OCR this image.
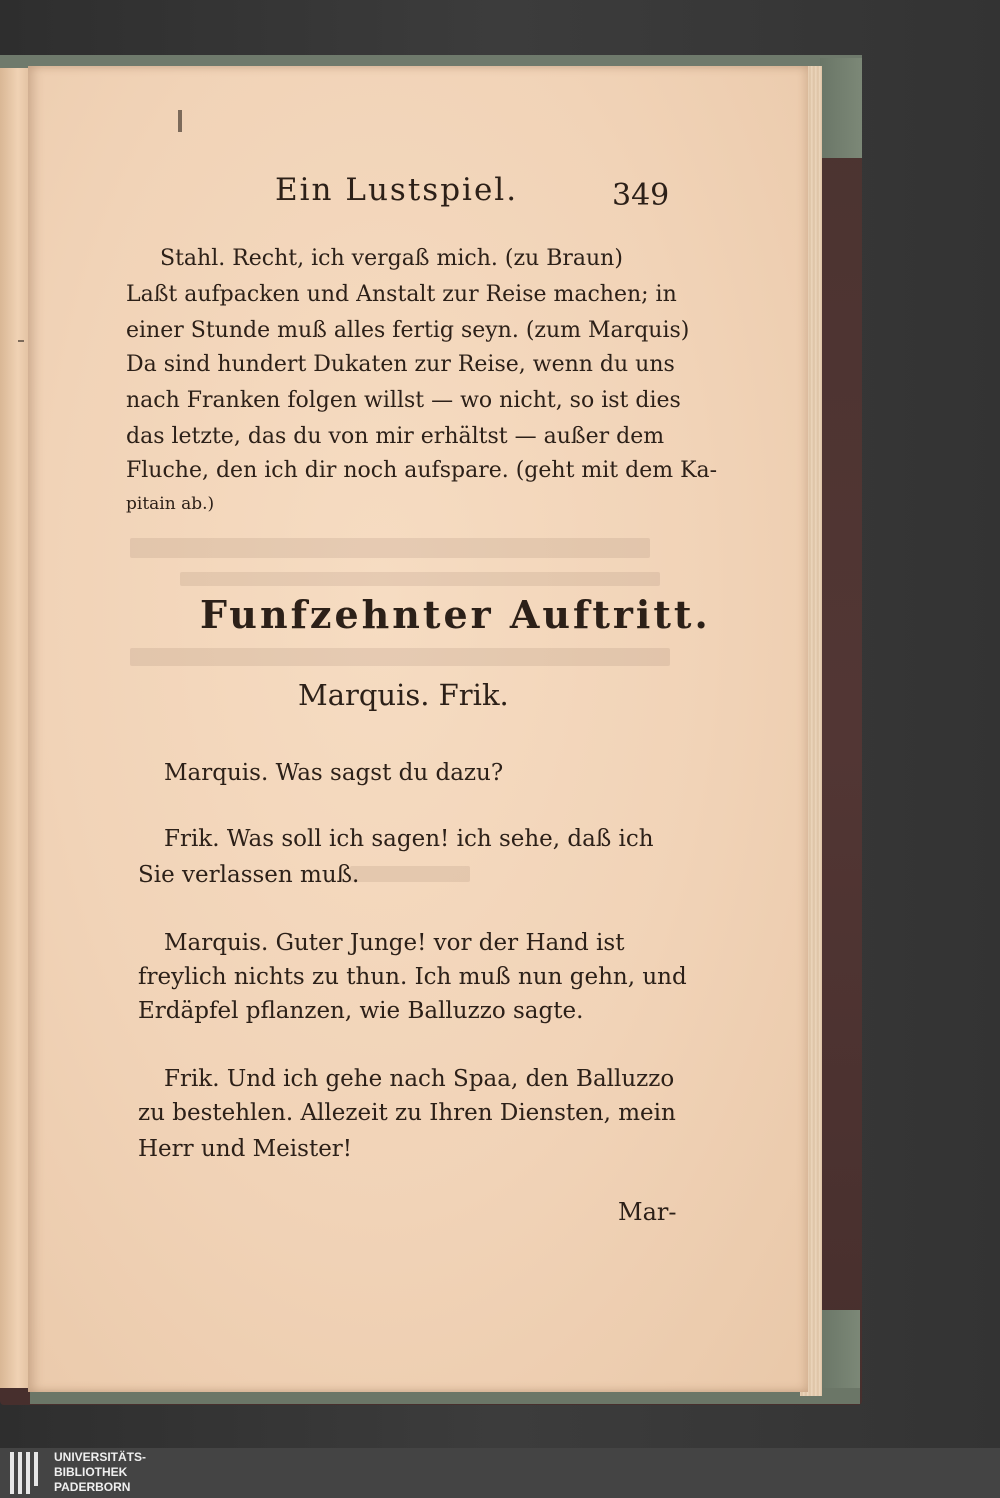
Ein Lustspiel.	349
Stahl. Recht, ich vergaß mich. (zu Braun)
Laßt aufpacken und Anstalt zur Reise machen; in
einer Stunde muß alles fertig seyn. (zum Marquis)
Da sind hundert Dukaten zur Reise, wenn du uns
nach Franken folgen willst — wo nicht, so ist dies
das letzte, das du von mir erhältst — außer dem
Fluche, den ich dir noch aufspare. (geht mit dem Ka-
pitain ab.)
Funfzehnter Auftritt.
Marquis. Frik.
Marquis. Was sagst du dazu?
Frik. Was soll ich sagen! ich sehe, daß ich
Sie verlassen muß.
Marquis. Guter Junge! vor der Hand ist
freylich nichts zu thun. Ich muß nun gehn, und
Erdäpfel pflanzen, wie Balluzzo sagte.
Frik. Und ich gehe nach Spaa, den Balluzzo
zu bestehlen. Allezeit zu Ihren Diensten, mein
Herr und Meister!
Mar-
UNIVERSITÄTS-
BIBLIOTHEK
PADERBORN
